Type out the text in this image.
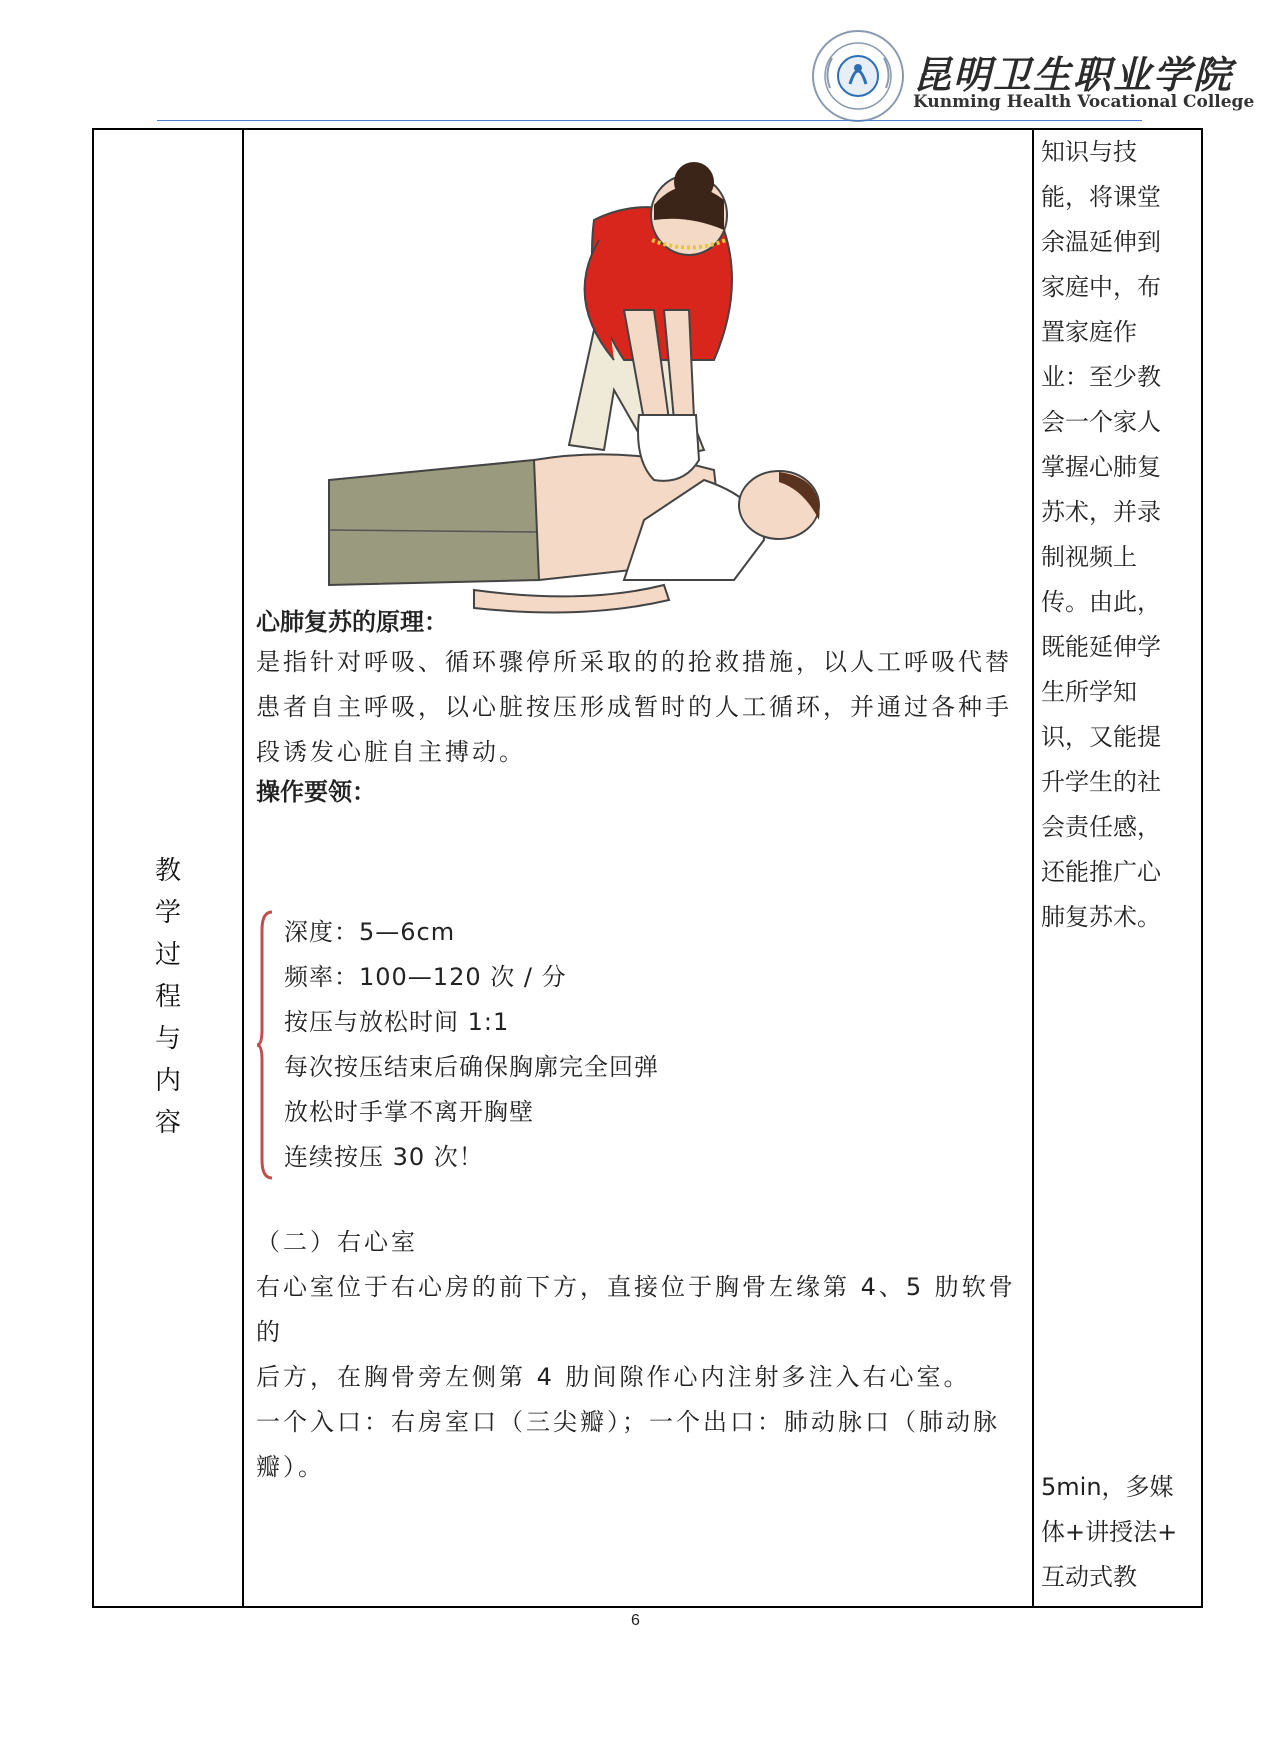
昆明卫生职业学院
Kunming Health Vocational College
教
学
过
程
与
内
容
心肺复苏的原理：
是指针对呼吸、循环骤停所采取的的抢救措施，以人工呼吸代替
患者自主呼吸，以心脏按压形成暂时的人工循环，并通过各种手
段诱发心脏自主搏动。
操作要领：
深度：5—6cm
频率：100—120 次 / 分
按压与放松时间 1:1
每次按压结束后确保胸廓完全回弹
放松时手掌不离开胸壁
连续按压 30 次！
（二）右心室
右心室位于右心房的前下方，直接位于胸骨左缘第 4、5 肋软骨的
后方，在胸骨旁左侧第 4 肋间隙作心内注射多注入右心室。
一个入口：右房室口（三尖瓣）；一个出口：肺动脉口（肺动脉
瓣）。
知识与技
能，将课堂
余温延伸到
家庭中，布
置家庭作
业：至少教
会一个家人
掌握心肺复
苏术，并录
制视频上
传。由此，
既能延伸学
生所学知
识，又能提
升学生的社
会责任感，
还能推广心
肺复苏术。
5min，多媒
体+讲授法+
互动式教
6
